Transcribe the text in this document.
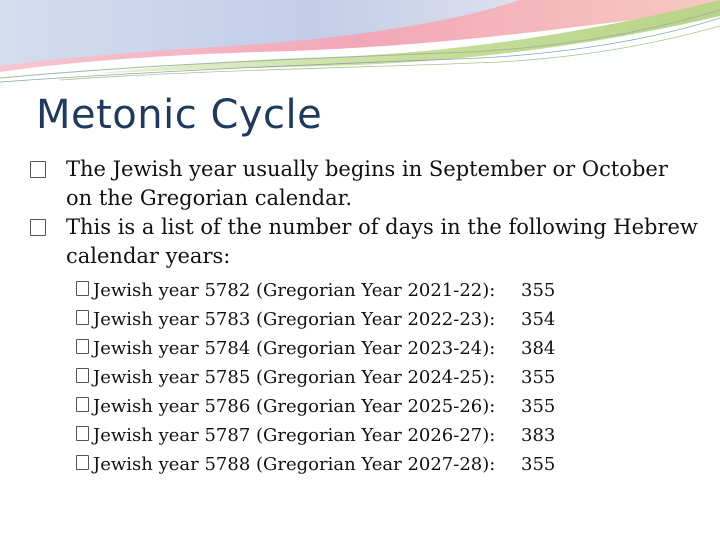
Metonic Cycle
The Jewish year usually begins in September or October on the Gregorian calendar.
This is a list of the number of days in the following Hebrew calendar years:
Jewish year 5782 (Gregorian Year 2021-22): 355
Jewish year 5783 (Gregorian Year 2022-23): 354
Jewish year 5784 (Gregorian Year 2023-24): 384
Jewish year 5785 (Gregorian Year 2024-25): 355
Jewish year 5786 (Gregorian Year 2025-26): 355
Jewish year 5787 (Gregorian Year 2026-27): 383
Jewish year 5788 (Gregorian Year 2027-28): 355
